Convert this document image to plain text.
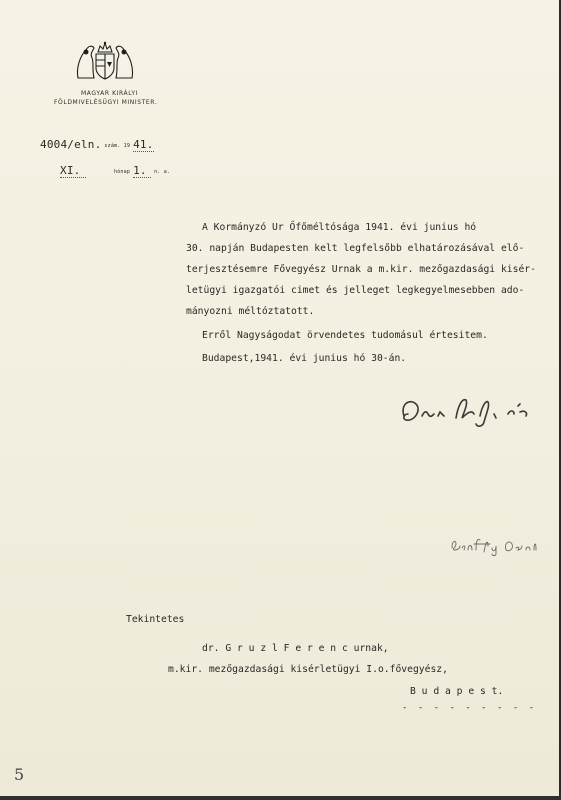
MAGYAR KIRÁLYI
FÖLDMIVELÉSÜGYI MINISTER.
4004/eln. szám. 19 41.
XI.	hónap 1. n. a.
A Kormányzó Ur Őfőméltósága 1941. évi junius hó
30. napján Budapesten kelt legfelsőbb elhatározásával elő-
terjesztésemre Fővegyész Urnak a m.kir. mezőgazdasági kisér-
letügyi igazgatói cimet és jelleget legkegyelmesebben ado-
mányozni méltóztatott.
Erről Nagyságodat örvendetes tudomásul értesitem.
Budapest,1941. évi junius hó 30-án.
Tekintetes
dr. G r u z l F e r e n c urnak,
m.kir. mezőgazdasági kisérletügyi I.o.fővegyész,
B u d a p e s t.
- - - - - - - - -
5
